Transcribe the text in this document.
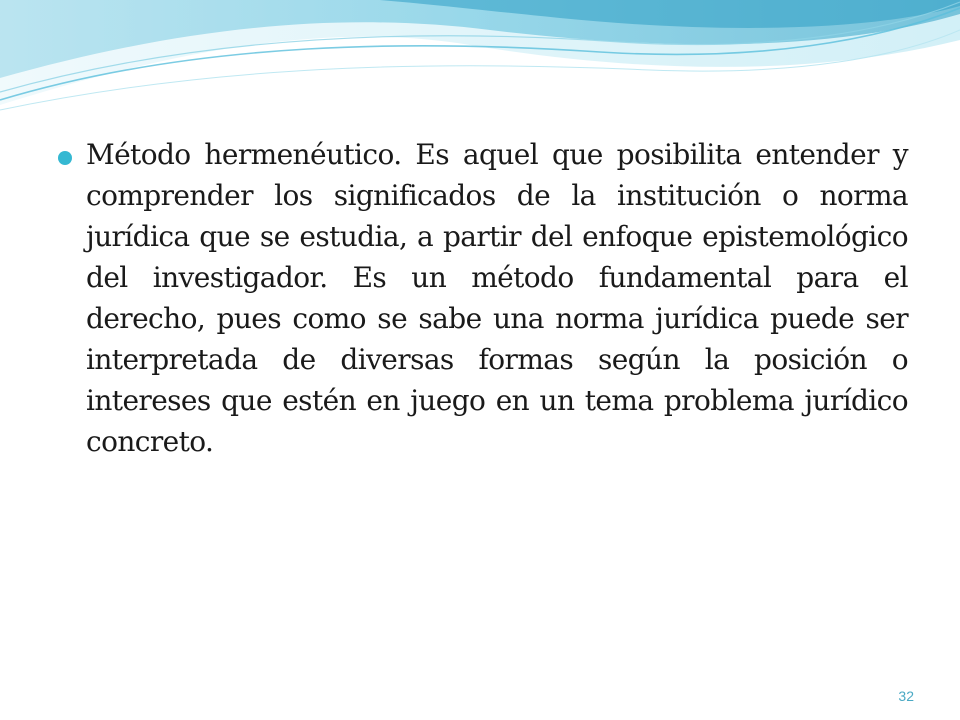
Método hermenéutico. Es aquel que posibilita entender y comprender los significados de la institución o norma jurídica que se estudia, a partir del enfoque epistemológico del investigador. Es un método fundamental para el derecho, pues como se sabe una norma jurídica puede ser interpretada de diversas formas según la posición o intereses que estén en juego en un tema problema jurídico concreto.

32
